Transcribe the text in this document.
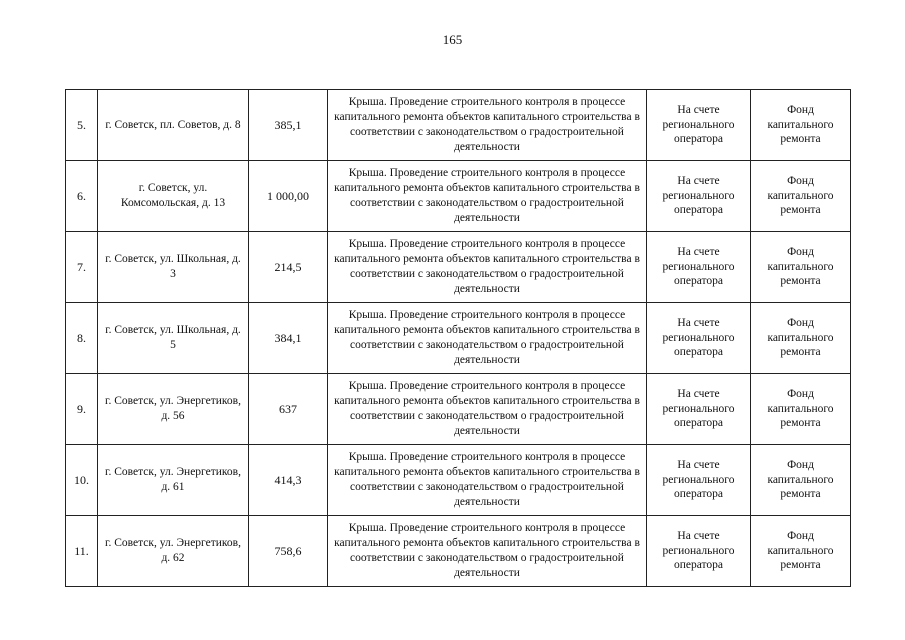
165
5.	г. Советск, пл. Советов, д. 8	385,1	Крыша. Проведение строительного контроля в процессе капитального ремонта объектов капитального строительства в соответствии с законодательством о градостроительной деятельности	На счете регионального оператора	Фонд капитального ремонта
6.	г. Советск, ул. Комсомольская, д. 13	1 000,00	Крыша. Проведение строительного контроля в процессе капитального ремонта объектов капитального строительства в соответствии с законодательством о градостроительной деятельности	На счете регионального оператора	Фонд капитального ремонта
7.	г. Советск, ул. Школьная, д. 3	214,5	Крыша. Проведение строительного контроля в процессе капитального ремонта объектов капитального строительства в соответствии с законодательством о градостроительной деятельности	На счете регионального оператора	Фонд капитального ремонта
8.	г. Советск, ул. Школьная, д. 5	384,1	Крыша. Проведение строительного контроля в процессе капитального ремонта объектов капитального строительства в соответствии с законодательством о градостроительной деятельности	На счете регионального оператора	Фонд капитального ремонта
9.	г. Советск, ул. Энергетиков, д. 56	637	Крыша. Проведение строительного контроля в процессе капитального ремонта объектов капитального строительства в соответствии с законодательством о градостроительной деятельности	На счете регионального оператора	Фонд капитального ремонта
10.	г. Советск, ул. Энергетиков, д. 61	414,3	Крыша. Проведение строительного контроля в процессе капитального ремонта объектов капитального строительства в соответствии с законодательством о градостроительной деятельности	На счете регионального оператора	Фонд капитального ремонта
11.	г. Советск, ул. Энергетиков, д. 62	758,6	Крыша. Проведение строительного контроля в процессе капитального ремонта объектов капитального строительства в соответствии с законодательством о градостроительной деятельности	На счете регионального оператора	Фонд капитального ремонта
